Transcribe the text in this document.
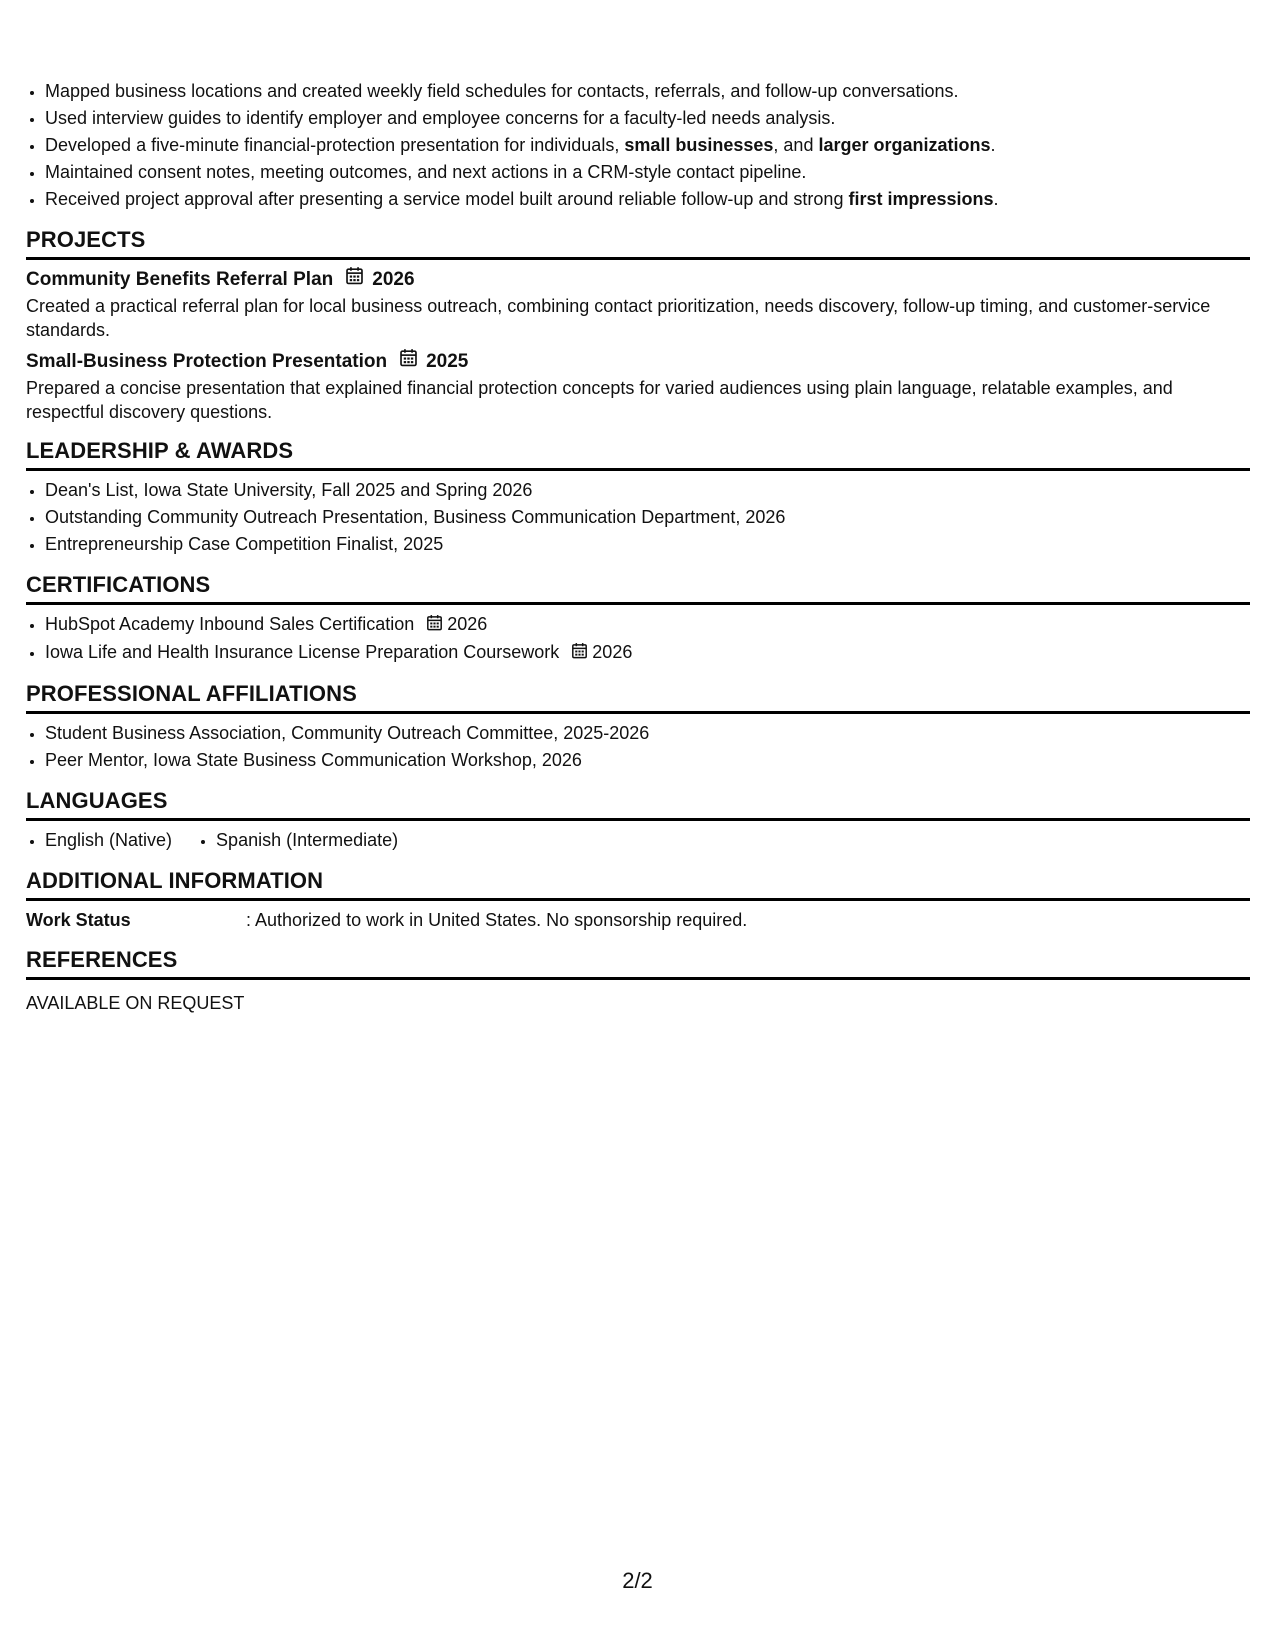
• Mapped business locations and created weekly field schedules for contacts, referrals, and follow-up conversations.
• Used interview guides to identify employer and employee concerns for a faculty-led needs analysis.
• Developed a five-minute financial-protection presentation for individuals, small businesses, and larger organizations.
• Maintained consent notes, meeting outcomes, and next actions in a CRM-style contact pipeline.
• Received project approval after presenting a service model built around reliable follow-up and strong first impressions.
PROJECTS
Community Benefits Referral Plan 2026
Created a practical referral plan for local business outreach, combining contact prioritization, needs discovery, follow-up timing, and customer-service standards.
Small-Business Protection Presentation 2025
Prepared a concise presentation that explained financial protection concepts for varied audiences using plain language, relatable examples, and respectful discovery questions.
LEADERSHIP & AWARDS
• Dean's List, Iowa State University, Fall 2025 and Spring 2026
• Outstanding Community Outreach Presentation, Business Communication Department, 2026
• Entrepreneurship Case Competition Finalist, 2025
CERTIFICATIONS
• HubSpot Academy Inbound Sales Certification 2026
• Iowa Life and Health Insurance License Preparation Coursework 2026
PROFESSIONAL AFFILIATIONS
• Student Business Association, Community Outreach Committee, 2025-2026
• Peer Mentor, Iowa State Business Communication Workshop, 2026
LANGUAGES
• English (Native)
• Spanish (Intermediate)
ADDITIONAL INFORMATION
Work Status	: Authorized to work in United States. No sponsorship required.
REFERENCES
AVAILABLE ON REQUEST
2/2
